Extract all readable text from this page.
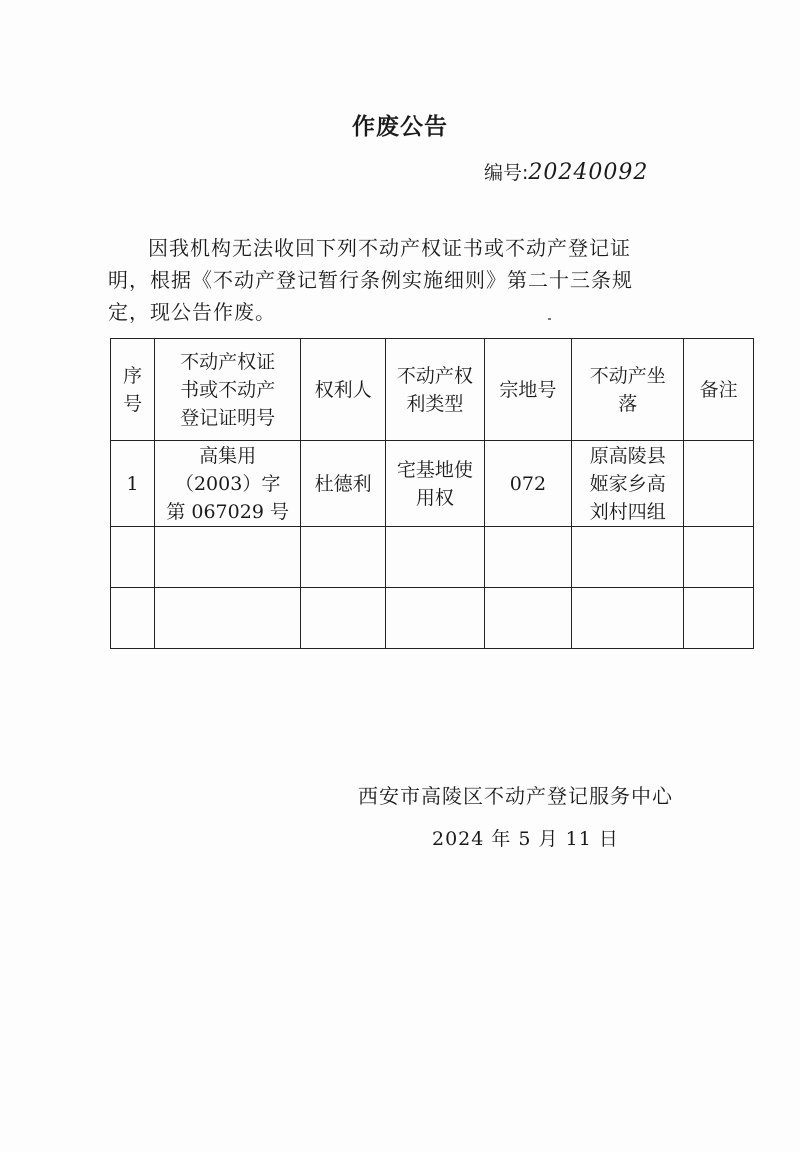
作废公告
编号:20240092

因我机构无法收回下列不动产权证书或不动产登记证明，根据《不动产登记暂行条例实施细则》第二十三条规定，现公告作废。

序号	不动产权证
书或不动产
登记证明号	权利人	不动产权
利类型	宗地号	不动产坐
落	备注

1	高集用
（2003）字
第 067029 号	杜德利	宅基地使
用权	072	原高陵县
姬家乡高
刘村四组	

西安市高陵区不动产登记服务中心
2024 年 5 月 11 日
